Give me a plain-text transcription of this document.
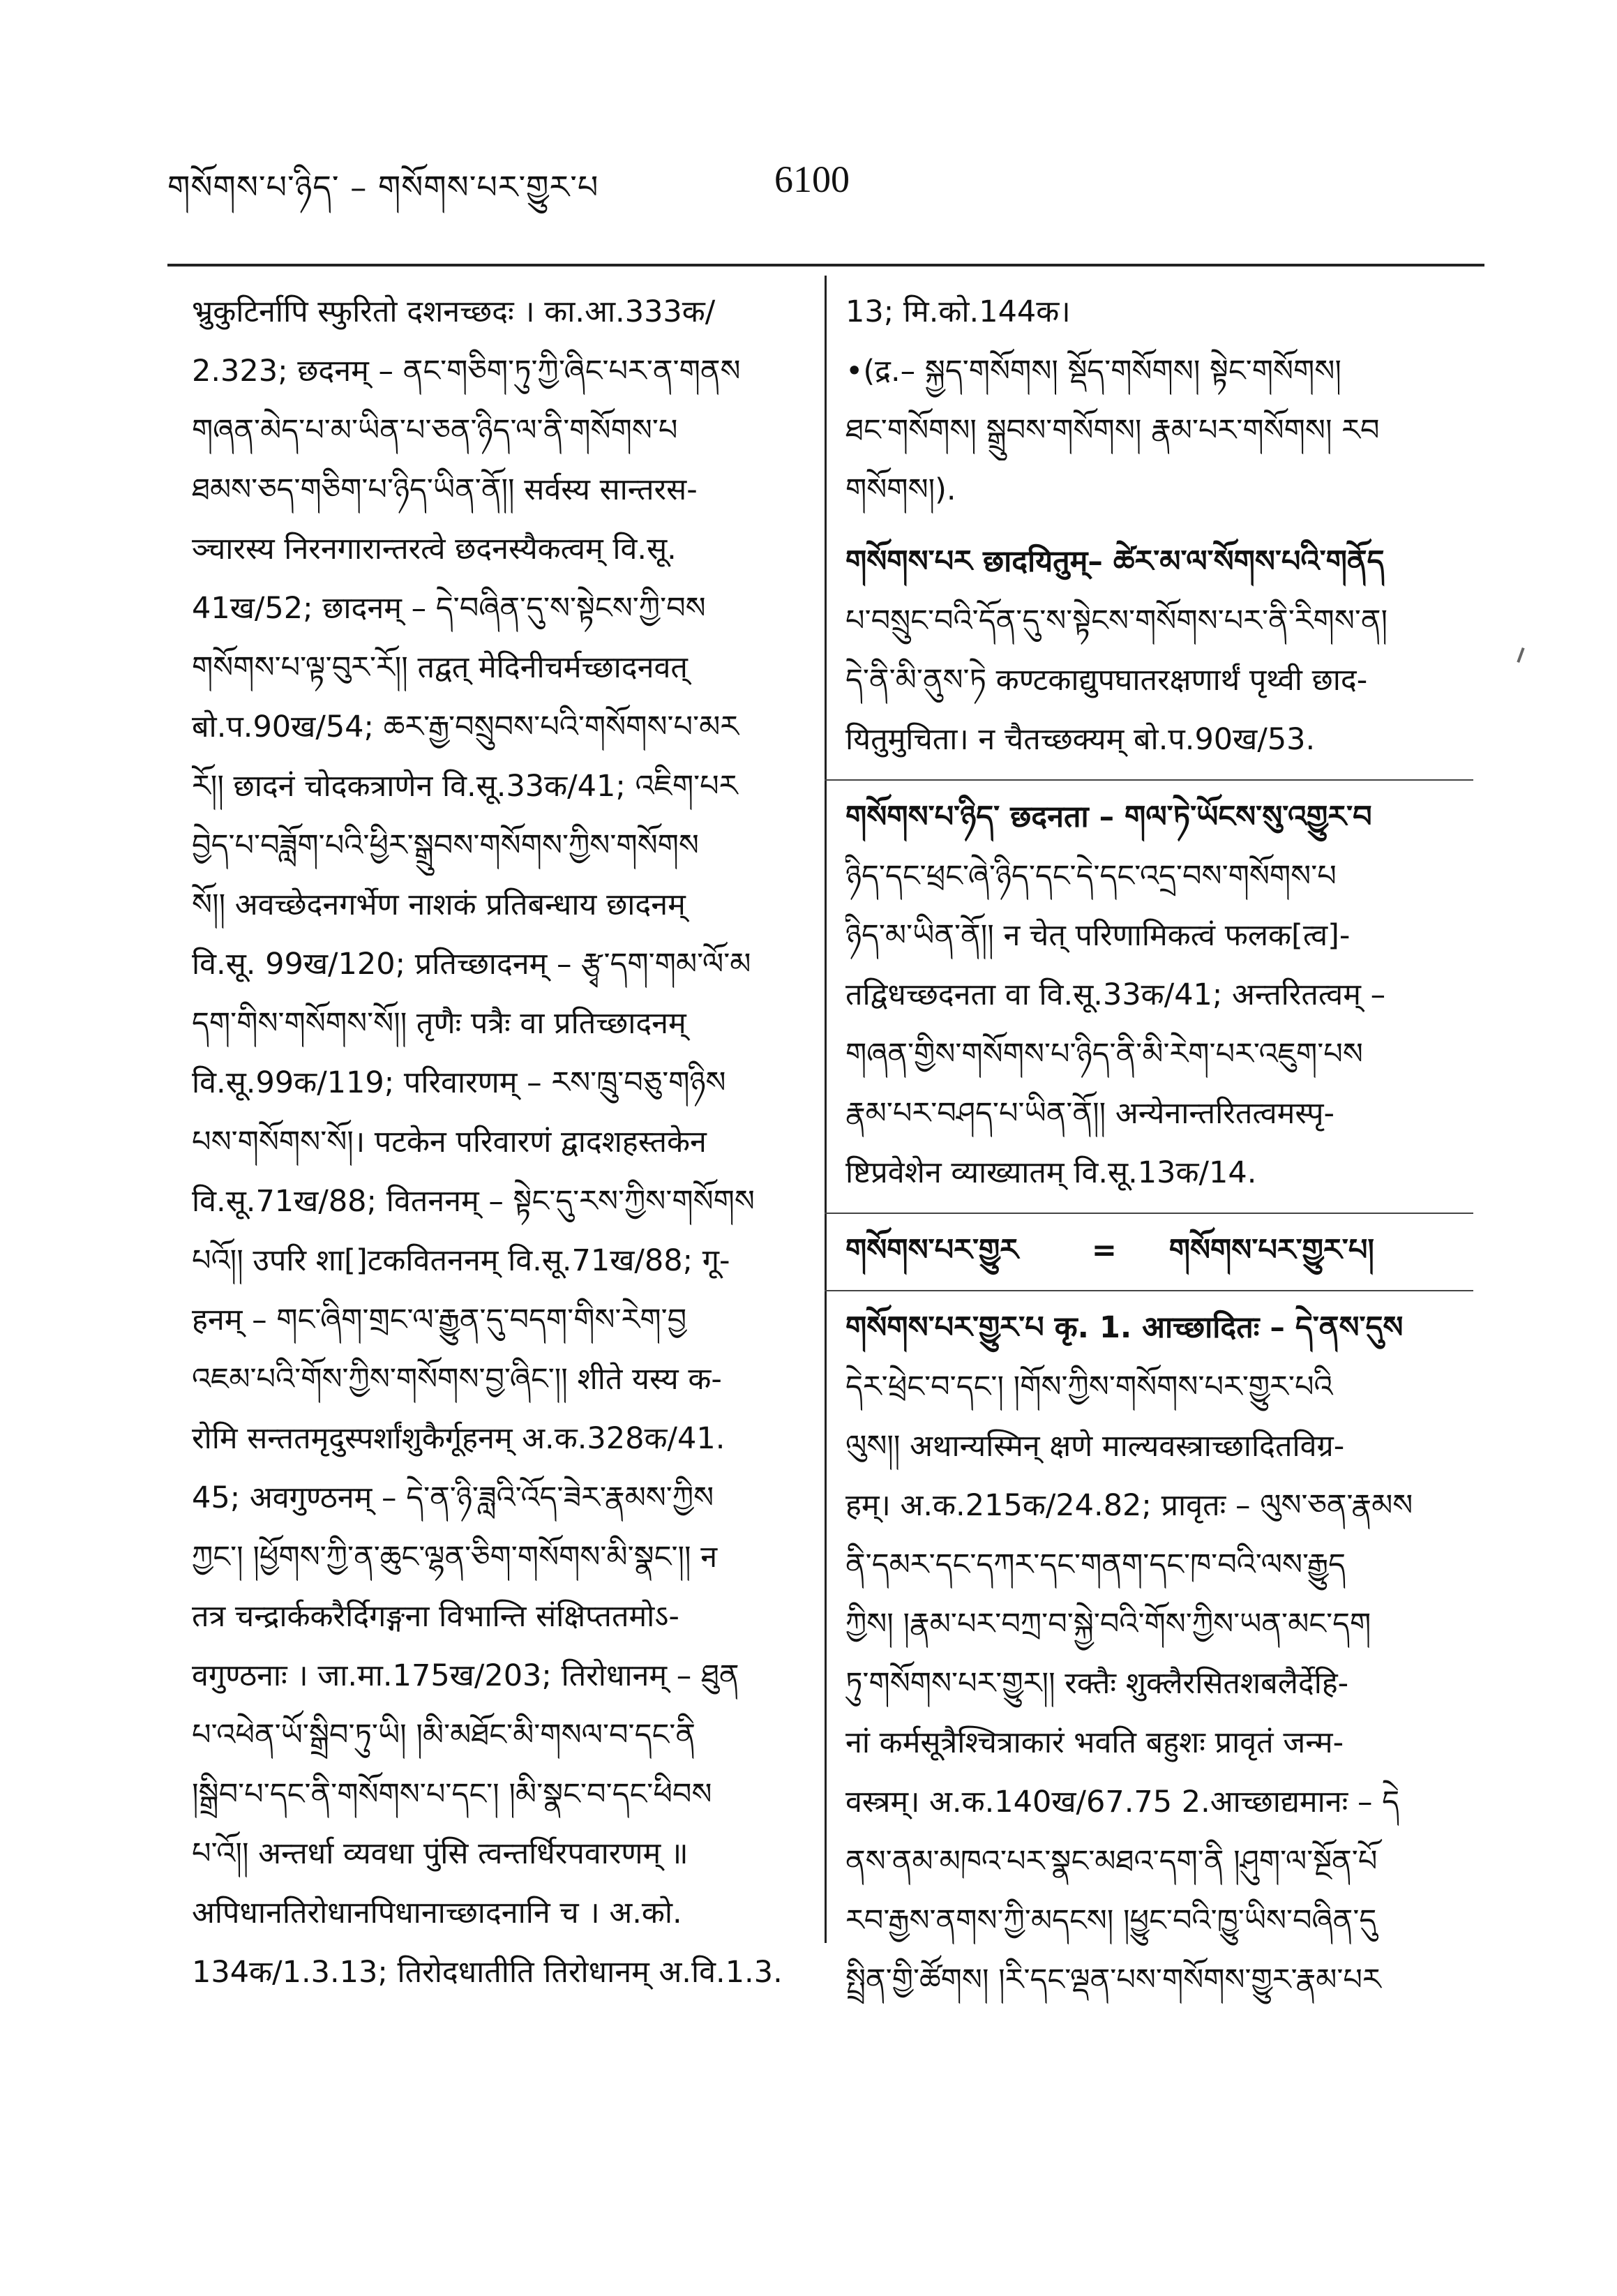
གསོགས་པ་ཉིད་ – གསོགས་པར་གྱུར་པ	6100
भ्रुकुटिर्नापि स्फुरितो दशनच्छदः । का.आ.333क/
2.323; छदनम् – ནང་གཅིག་ཏུ་ཀྱི་ཞིང་པར་ན་གནས
གཞན་མེད་པ་མ་ཡིན་པ་ཅན་ཉིད་ལ་ནི་གསོགས་པ
ཐམས་ཅད་གཅིག་པ་ཉིད་ཡིན་ནོ།། सर्वस्य सान्तरस-
ञ्चारस्य निरनगारान्तरत्वे छदनस्यैकत्वम् वि.सू.
41ख/52; छादनम् – དེ་བཞིན་དུ་ས་སྟེངས་ཀྱི་བས
གསོགས་པ་ལྟ་བུར་རོ།། तद्वत् मेदिनीचर्मच्छादनवत्
बो.प.90ख/54; ཆར་རྒྱ་བསྲུབས་པའི་གསོགས་པ་མར
རོ།། छादनं चोदकत्राणेन वि.सू.33क/41; འཇིག་པར
བྱེད་པ་བཟློག་པའི་ཕྱིར་སྒྲུབས་གསོགས་ཀྱིས་གསོགས
སོ།། अवच्छेदनगर्भेण नाशकं प्रतिबन्धाय छादनम्
वि.सू. 99ख/120; प्रतिच्छादनम् – རྩྭ་དག་གམ་ལོ་མ
དག་གིས་གསོགས་སོ།། तृणैः पत्रैः वा प्रतिच्छादनम्
वि.सू.99क/119; परिवारणम् – རས་ཁྲུ་བཅུ་གཉིས
པས་གསོགས་སོ།। पटकेन परिवारणं द्वादशहस्तकेन
वि.सू.71ख/88; वितननम् – སྟེང་དུ་རས་ཀྱིས་གསོགས
པའོ།། उपरि शा[]टकवितननम् वि.सू.71ख/88; गू-
हनम् – གང་ཞིག་གྲང་ལ་རྒྱུན་དུ་བདག་གིས་རེག་བྱ
འཇམ་པའི་གོས་ཀྱིས་གསོགས་བྱ་ཞིང་།། शीते यस्य क-
रोमि सन्ततमृदुस्पर्शांशुकैर्गूहनम् अ.क.328क/41.
45; अवगुण्ठनम् – དེ་ན་ཉི་ཟླའི་འོད་ཟེར་རྣམས་ཀྱིས
ཀྱང་། །ཕྱོགས་ཀྱི་ན་ཆུང་ལྷན་ཅིག་གསོགས་མི་སྣང་།། न
तत्र चन्द्रार्ककरैर्दिगङ्गना विभान्ति संक्षिप्ततमोऽ-
वगुण्ठनाः । जा.मा.175ख/203; तिरोधानम् – ཐུན
པ་འཕེན་ཡོ་སྒྲིབ་ཏུ་ཡི། །མི་མཐོང་མི་གསལ་བ་དང་ནི
།སྒྲིབ་པ་དང་ནི་གསོགས་པ་དང་། །མི་སྣང་བ་དང་ཕིབས
པ་འོ།། अन्तर्धा व्यवधा पुंसि त्वन्तर्धिरपवारणम् ॥
अपिधानतिरोधानपिधानाच्छादनानि च । अ.को.
134क/1.3.13; तिरोदधातीति तिरोधानम् अ.वि.1.3.
13; मि.को.144क।
•(द्र.– སྐྱད་གསོགས། སྡོད་གསོགས། སྟེང་གསོགས།
ཐང་གསོགས། སྒྲུབས་གསོགས། རྣམ་པར་གསོགས། རབ
གསོགས།).
གསོགས་པར छादयितुम्– ཚེར་མ་ལ་སོགས་པའི་གནོད
པ་བསྲུང་བའི་དོན་དུ་ས་སྟེངས་གསོགས་པར་ནི་རིགས་ན།
དེ་ནི་མི་ནུས་ཏེ कण्टकाद्युपघातरक्षणार्थं पृथ्वी छाद-
यितुमुचिता। न चैतच्छक्यम् बो.प.90ख/53.
གསོགས་པ་ཉིད་ छदनता – གལ་ཏེ་ཡོངས་སུ་འགྱུར་བ
ཉིད་དང་ཕྲང་ཞེ་ཉིད་དང་དེ་དང་འདྲ་བས་གསོགས་པ
ཉིད་མ་ཡིན་ནོ།། न चेत् परिणामिकत्वं फलक[त्व]-
तद्विधच्छदनता वा वि.सू.33क/41; अन्तरितत्वम् –
གཞན་གྱིས་གསོགས་པ་ཉིད་ནི་མི་རེག་པར་འཇུག་པས
རྣམ་པར་བཤད་པ་ཡིན་ནོ།། अन्येनान्तरितत्वमस्पृ-
ष्टिप्रवेशेन व्याख्यातम् वि.सू.13क/14.
གསོགས་པར་གྱུར       =     གསོགས་པར་གྱུར་པ།
གསོགས་པར་གྱུར་པ कृ. 1. आच्छादितः – དེ་ནས་དུས
དེར་ཕྲེང་བ་དང་། །གོས་ཀྱིས་གསོགས་པར་གྱུར་པའི
ལུས།། अथान्यस्मिन् क्षणे माल्यवस्त्राच्छादितविग्र-
हम्। अ.क.215क/24.82; प्रावृतः – ལུས་ཅན་རྣམས
ནི་དམར་དང་དཀར་དང་གནག་དང་ཁ་བའི་ལས་རྒྱུད
ཀྱིས། །རྣམ་པར་བཀྲ་བ་སྐྱེ་བའི་གོས་ཀྱིས་ཡན་མང་དག
ཏུ་གསོགས་པར་གྱུར།། रक्तैः शुक्लैरसितशबलैर्देहि-
नां कर्मसूत्रैश्चित्राकारं भवति बहुशः प्रावृतं जन्म-
वस्त्रम्। अ.क.140ख/67.75 2.आच्छाद्यमानः – དེ
ནས་ནམ་མཁའ་པར་སྣང་མཐའ་དག་ནི །ཤུག་ལ་སྔོན་པོ
རབ་རྒྱས་ནགས་ཀྱི་མདངས། །ཕྱུང་བའི་ཁྱུ་ཡིས་བཞིན་དུ
སྤྲིན་གྱི་ཚོགས། །རི་དང་ལྡན་པས་གསོགས་གྱུར་རྣམ་པར
